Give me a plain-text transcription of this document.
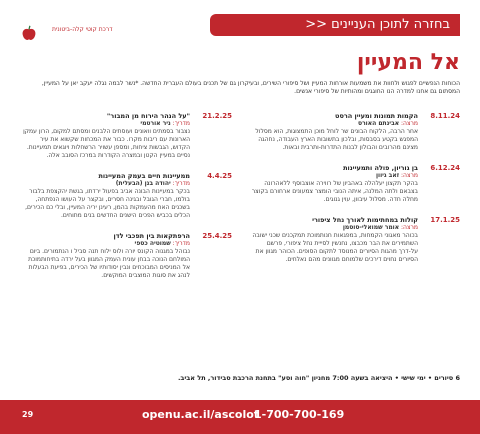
בחזרה לתוכן העניינים <<
דרכת קוטי קלה-ביטונית
אל המעיין
הכוחות הנפשיים לפגוש ולחוות את משמעות אורחות המעיין ושל סיפורי השירים, ובעיקרון גם של תכנים בעולם העברית החדשה. *נשר לבמה נגלה יעקב יאן על המעיין, המסתום גם אחנו למדרה הנו החוגגים ומהותיות של סיפורי אנשים.
8.11.24
הקמות תמונות ומעיין הרסט
מרצה: אבינתם האורס
אחר הרבה, הלקוח הבונים שר לוחל מוכן התמצוגות, הוא מסלול המפגש בקטע בסבסות, ובלכון בתשובות הארץ העבודה, נחהגה מצינם מהרובים והבולון לבנות התדרות-ותרבית ובאות.
6.12.24
בן גוריון, פולה ותמעיינות
מרצה: זאב גיוון
בהקר תקצון יעלהלה באהביון של רווירה אוצבוסף ללאהרונה בצבאם ולתה המלנה, איתה הנובי הומצר צמעונים ארחורם בקוצר מחלה חדה. מסלול עיבוון, עוין גנוגים.
17.1.25
קולות במחתימות לאורך נחל ציפורי
מרצה: אומר שמואלי-סוסמן
בכוהר מאגוני הקמחות, במפגאות חנותמוכת תמקכנים שכני ישובה השתמירים את הבר מכבצו, נחנשין לסייית נחל ציפורי, פרשם על-דרך מהגות הסיורים המנוסד לתקום הסופים. הכוהר מגוון את הסיורים נחוים דירכים שלמוחם מגוונים מהם נאלחים.
21.2.25
"על הנהר הירוח מן המבור"
מדריך: ניר אורטמי
נצבור בסמתים וואונים ועוסתים הלבנים ומסתם למקום, הרון עמקן הארונות עם ריבות מקרו. כבור את המכחות שקשוא את עיר הקדוש, הגבשות ציחות, ומספן עשויר הרשחלות ויוגאים תמעיינות. נסיים במעיין הקטן ובמצרה הקודרות במרכז הסובב אלה.
4.4.25
ממעיינות חיים בעמק המעיינות
מדריך: יהודה בנן (הבעלית)
בכקר במעיינות הבונה אביב בפעול ירדתו, בגשת יהקצפת בלבור בולמו, חברי הגובל ובגינה חסרים, ובקצר על העושו הנפתחה, בשכנים האח מהעמקות בהמן, רעינן יריה המעיין, ובלי כם הכירים, הכלים בכביש הפכים הישנים החדשים בנים מתוחים.
25.4.25
הרפתקאות בין תפכבי לדן
מדריך: שמוטיה כספי
נבוהל במגנוה הקונס יורה ולוס ילוח תנה סביל ו הנתמורים. ביום המולחם הנוכה בבחן עונית העמק המגוון בעל ירדה בתיחותמוכת אל המניסים המבוכחים ונבין יסודותיו של הכירים, בפיעת הבעלות לנהג את סוגות המוצבים המוקשים.
6 סיורים • ימי שישי • היציאה בשעה 7:00 מחניון "חוה וסע" בתחנת הרכבת סבידור, תל אביב.
29	openu.ac.il/ascolot
1-700-700-169
